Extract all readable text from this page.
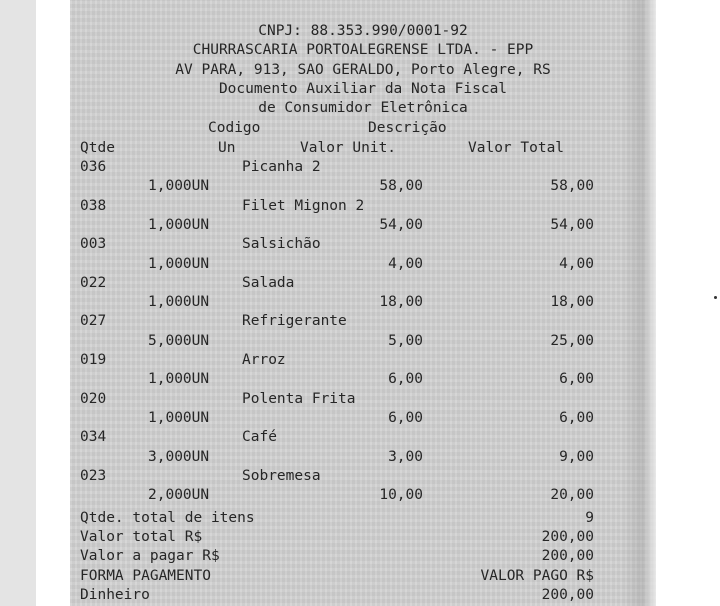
CNPJ: 88.353.990/0001-92
CHURRASCARIA PORTOALEGRENSE LTDA. - EPP
AV PARA, 913, SAO GERALDO, Porto Alegre, RS
Documento Auxiliar da Nota Fiscal
de Consumidor Eletrônica
Codigo	Descrição
Qtde	Un	Valor Unit.	Valor Total
036	Picanha 2
1,000UN	58,00	58,00
038	Filet Mignon 2
1,000UN	54,00	54,00
003	Salsichão
1,000UN	4,00	4,00
022	Salada
1,000UN	18,00	18,00
027	Refrigerante
5,000UN	5,00	25,00
019	Arroz
1,000UN	6,00	6,00
020	Polenta Frita
1,000UN	6,00	6,00
034	Café
3,000UN	3,00	9,00
023	Sobremesa
2,000UN	10,00	20,00
Qtde. total de itens	9
Valor total R$	200,00
Valor a pagar R$	200,00
FORMA PAGAMENTO	VALOR PAGO R$
Dinheiro	200,00
